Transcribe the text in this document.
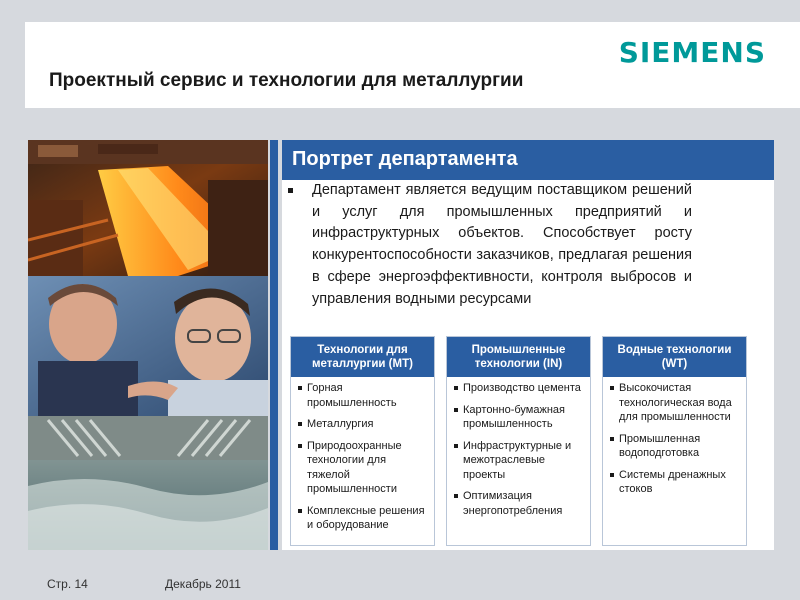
SIEMENS
Проектный сервис и технологии для металлургии
Портрет департамента
Департамент является ведущим поставщиком решений и услуг для промышленных предприятий и инфраструктурных объектов. Способствует росту конкурентоспособности заказчиков, предлагая решения в сфере энергоэффективности, контроля выбросов и управления водными ресурсами
Технологии для металлургии (MT)
Горная промышленность
Металлургия
Природоохранные технологии для тяжелой промышленности
Комплексные решения и оборудование
Промышленные технологии (IN)
Производство цемента
Картонно-бумажная промышленность
Инфраструктурные и межотраслевые проекты
Оптимизация энергопотребления
Водные технологии (WT)
Высокочистая технологическая вода для промышленности
Промышленная водоподготовка
Системы дренажных стоков
Стр. 14	Декабрь 2011
